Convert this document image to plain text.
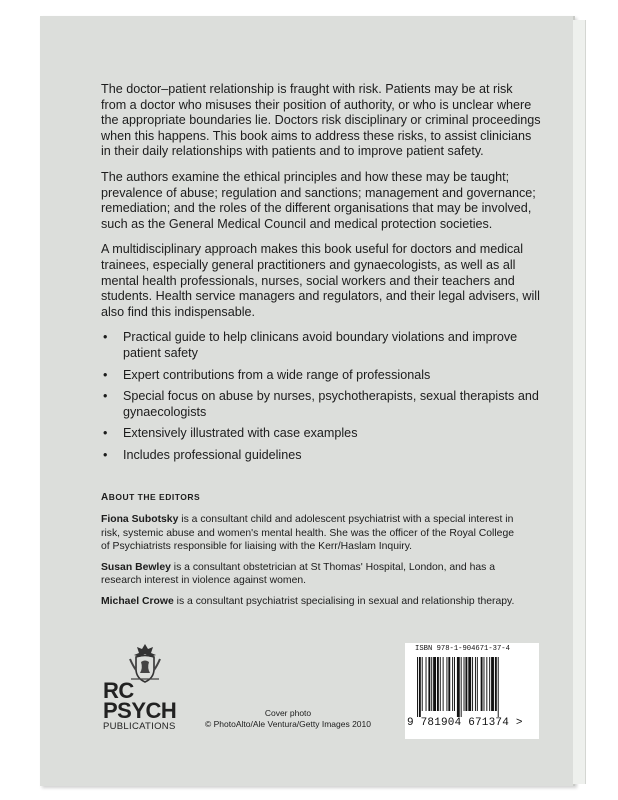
The doctor–patient relationship is fraught with risk. Patients may be at risk from a doctor who misuses their position of authority, or who is unclear where the appropriate boundaries lie. Doctors risk disciplinary or criminal proceedings when this happens. This book aims to address these risks, to assist clinicians in their daily relationships with patients and to improve patient safety.

The authors examine the ethical principles and how these may be taught; prevalence of abuse; regulation and sanctions; management and governance; remediation; and the roles of the different organisations that may be involved, such as the General Medical Council and medical protection societies.

A multidisciplinary approach makes this book useful for doctors and medical trainees, especially general practitioners and gynaecologists, as well as all mental health professionals, nurses, social workers and their teachers and students. Health service managers and regulators, and their legal advisers, will also find this indispensable.

• Practical guide to help clinicans avoid boundary violations and improve patient safety
• Expert contributions from a wide range of professionals
• Special focus on abuse by nurses, psychotherapists, sexual therapists and gynaecologists
• Extensively illustrated with case examples
• Includes professional guidelines
ABOUT THE EDITORS

Fiona Subotsky is a consultant child and adolescent psychiatrist with a special interest in risk, systemic abuse and women's mental health. She was the officer of the Royal College of Psychiatrists responsible for liaising with the Kerr/Haslam Inquiry.

Susan Bewley is a consultant obstetrician at St Thomas' Hospital, London, and has a research interest in violence against women.

Michael Crowe is a consultant psychiatrist specialising in sexual and relationship therapy.

RC
PSYCH
PUBLICATIONS
Cover photo
© PhotoAlto/Ale Ventura/Getty Images 2010
ISBN 978-1-904671-37-4
9 781904 671374 >
